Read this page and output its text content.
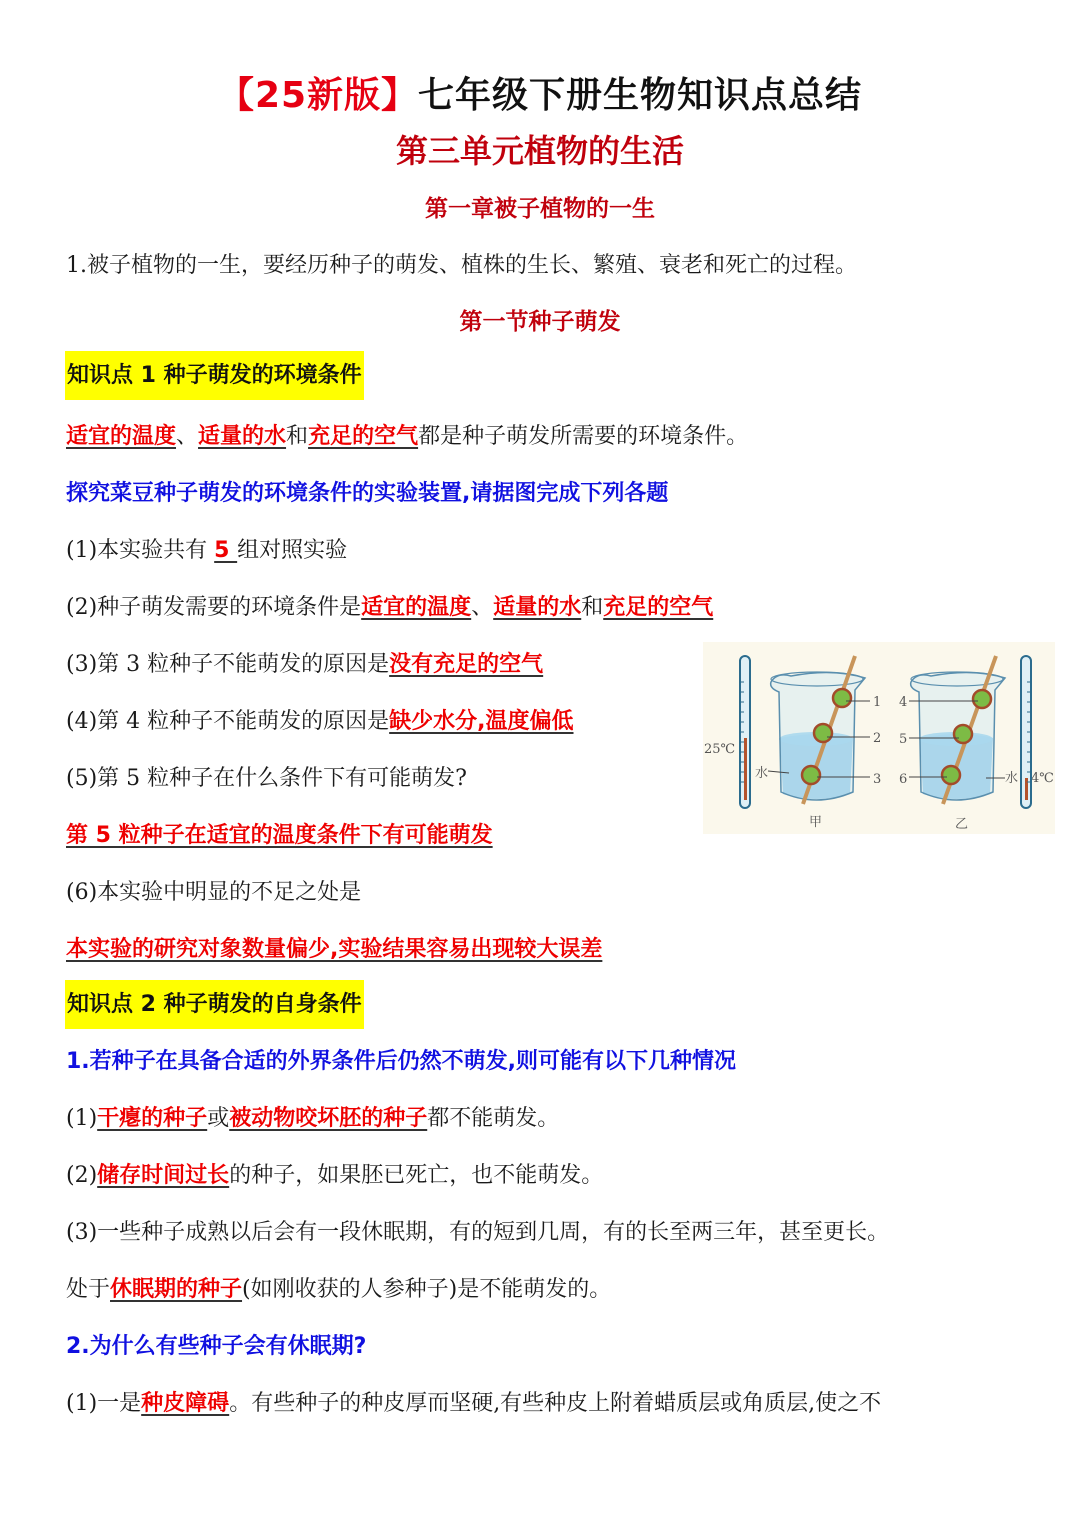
【25新版】七年级下册生物知识点总结
第三单元植物的生活
第一章被子植物的一生
1.被子植物的一生，要经历种子的萌发、植株的生长、繁殖、衰老和死亡的过程。
第一节种子萌发
知识点 1 种子萌发的环境条件
适宜的温度、适量的水和充足的空气都是种子萌发所需要的环境条件。
探究菜豆种子萌发的环境条件的实验装置,请据图完成下列各题
(1)本实验共有 5 组对照实验
(2)种子萌发需要的环境条件是适宜的温度、适量的水和充足的空气
(3)第 3 粒种子不能萌发的原因是没有充足的空气
(4)第 4 粒种子不能萌发的原因是缺少水分,温度偏低
(5)第 5 粒种子在什么条件下有可能萌发?
第 5 粒种子在适宜的温度条件下有可能萌发
(6)本实验中明显的不足之处是
本实验的研究对象数量偏少,实验结果容易出现较大误差
1
2
3
25℃
水
甲
4
5
6	水 4℃
乙
知识点 2 种子萌发的自身条件
1.若种子在具备合适的外界条件后仍然不萌发,则可能有以下几种情况
(1)干瘪的种子或被动物咬坏胚的种子都不能萌发。
(2)储存时间过长的种子，如果胚已死亡，也不能萌发。
(3)一些种子成熟以后会有一段休眠期，有的短到几周，有的长至两三年，甚至更长。
处于休眠期的种子(如刚收获的人参种子)是不能萌发的。
2.为什么有些种子会有休眠期?
(1)一是种皮障碍。有些种子的种皮厚而坚硬,有些种皮上附着蜡质层或角质层,使之不
